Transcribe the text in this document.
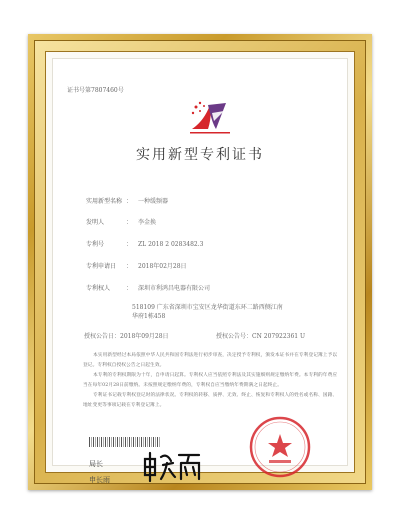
证书号第7807460号
实用新型专利证书
实用新型名称 ： 一种缓频器
发明人	： 李金换
专利号	： ZL 2018 2 0283482.3
专利申请日 ： 2018年02月28日
专利权人	： 深圳市利鸿昌电器有限公司
518109 广东省深圳市宝安区龙华街道东环二路西侧江南
华府1栋458
授权公告日：2018年09月28日	授权公告号：CN 207922361 U
本实用新型经过本局依照中华人民共和国专利法进行初步审查，决定授予专利权，颁发本证书并在专利登记簿上予以登记。专利权自授权公告之日起生效。
本专利的专利权期限为十年，自申请日起算。专利权人应当依照专利法及其实施细则规定缴纳年费。本专利的年费应当在每年02月28日前缴纳。未按照规定缴纳年费的，专利权自应当缴纳年费期满之日起终止。
专利证书记载专利权登记时的法律状况。专利权的转移、质押、无效、终止、恢复和专利权人的姓名或名称、国籍、地址变更等事项记载在专利登记簿上。
局长
申长雨
